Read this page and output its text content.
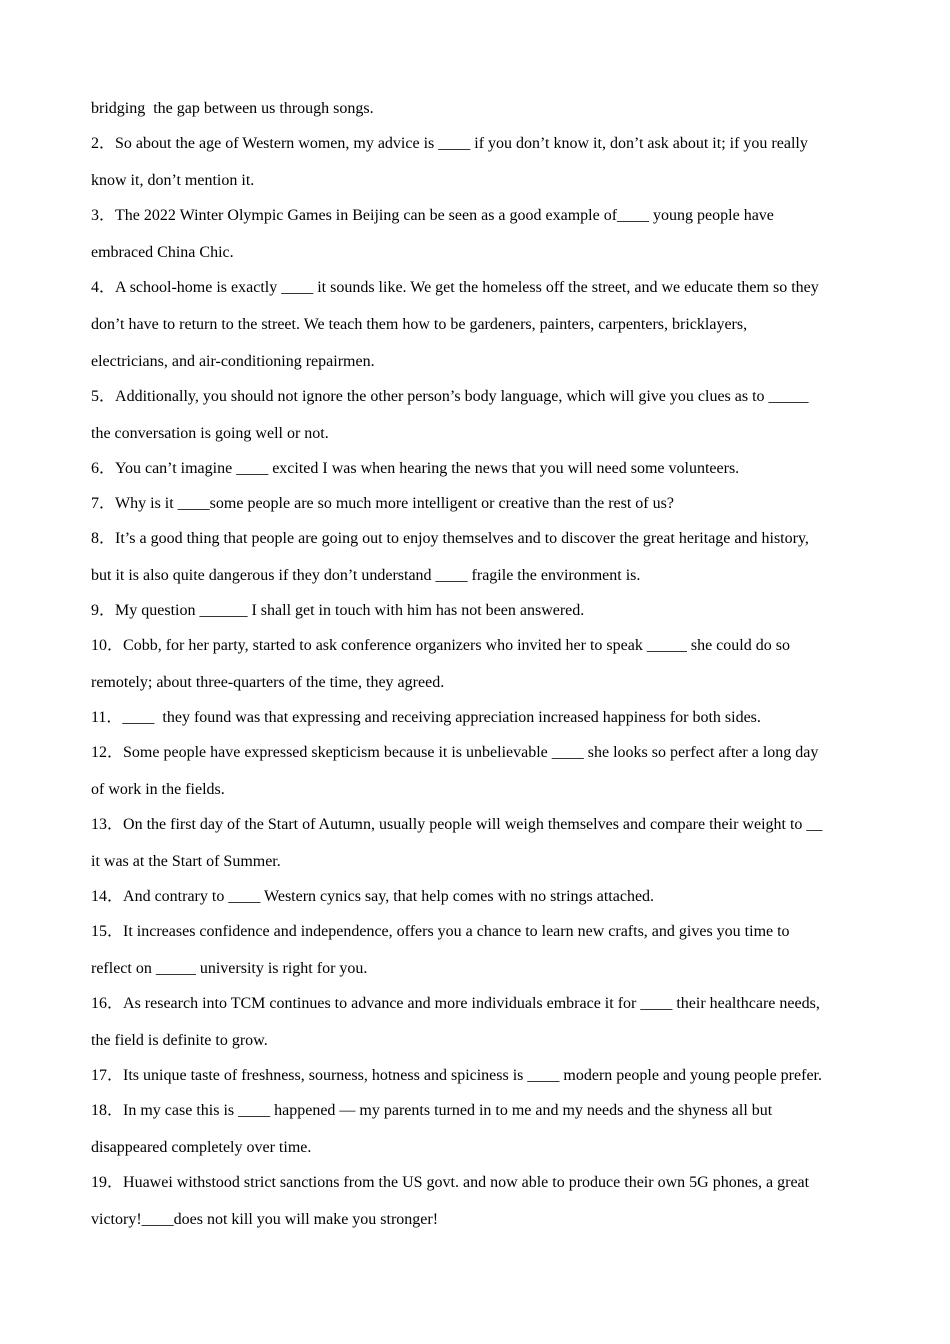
bridging  the gap between us through songs.
2．So about the age of Western women, my advice is ____ if you don’t know it, don’t ask about it; if you really
know it, don’t mention it.
3．The 2022 Winter Olympic Games in Beijing can be seen as a good example of____ young people have
embraced China Chic.
4．A school-home is exactly ____ it sounds like. We get the homeless off the street, and we educate them so they
don’t have to return to the street. We teach them how to be gardeners, painters, carpenters, bricklayers,
electricians, and air-conditioning repairmen.
5．Additionally, you should not ignore the other person’s body language, which will give you clues as to _____
the conversation is going well or not.
6．You can’t imagine ____ excited I was when hearing the news that you will need some volunteers.
7．Why is it ____some people are so much more intelligent or creative than the rest of us?
8．It’s a good thing that people are going out to enjoy themselves and to discover the great heritage and history,
but it is also quite dangerous if they don’t understand ____ fragile the environment is.
9．My question ______ I shall get in touch with him has not been answered.
10．Cobb, for her party, started to ask conference organizers who invited her to speak _____ she could do so
remotely; about three-quarters of the time, they agreed.
11．____  they found was that expressing and receiving appreciation increased happiness for both sides.
12．Some people have expressed skepticism because it is unbelievable ____ she looks so perfect after a long day
of work in the fields.
13．On the first day of the Start of Autumn, usually people will weigh themselves and compare their weight to __
it was at the Start of Summer.
14．And contrary to ____ Western cynics say, that help comes with no strings attached.
15．It increases confidence and independence, offers you a chance to learn new crafts, and gives you time to
reflect on _____ university is right for you.
16．As research into TCM continues to advance and more individuals embrace it for ____ their healthcare needs,
the field is definite to grow.
17．Its unique taste of freshness, sourness, hotness and spiciness is ____ modern people and young people prefer.
18．In my case this is ____ happened — my parents turned in to me and my needs and the shyness all but
disappeared completely over time.
19．Huawei withstood strict sanctions from the US govt. and now able to produce their own 5G phones, a great
victory!____does not kill you will make you stronger!
